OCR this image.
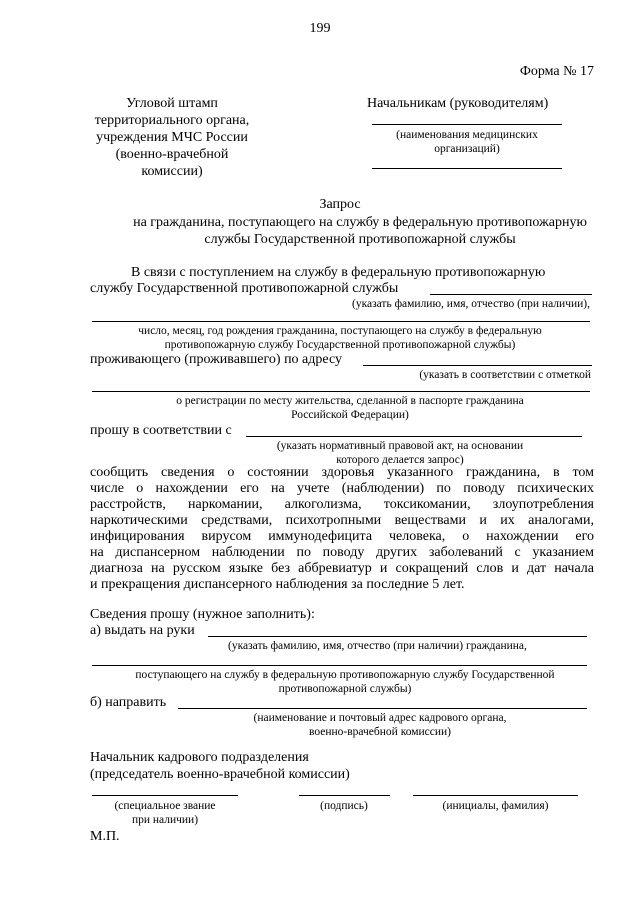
199
Форма № 17
Угловой штамп
территориального органа,
учреждения МЧС России
(военно-врачебной
комиссии)
Начальникам (руководителям)
(наименования медицинских
организаций)
Запрос
на гражданина, поступающего на службу в федеральную противопожарную
службы Государственной противопожарной службы
В связи с поступлением на службу в федеральную противопожарную
службу Государственной противопожарной службы
(указать фамилию, имя, отчество (при наличии),
число, месяц, год рождения гражданина, поступающего на службу в федеральную
противопожарную службу Государственной противопожарной службы)
проживающего (проживавшего) по адресу
(указать в соответствии с отметкой
о регистрации по месту жительства, сделанной в паспорте гражданина
Российской Федерации)
прошу в соответствии с
(указать нормативный правовой акт, на основании
которого делается запрос)
сообщить сведения о состоянии здоровья указанного гражданина, в том
числе о нахождении его на учете (наблюдении) по поводу психических
расстройств, наркомании, алкоголизма, токсикомании, злоупотребления
наркотическими средствами, психотропными веществами и их аналогами,
инфицирования вирусом иммунодефицита человека, о нахождении его
на диспансерном наблюдении по поводу других заболеваний с указанием
диагноза на русском языке без аббревиатур и сокращений слов и дат начала
и прекращения диспансерного наблюдения за последние 5 лет.
Сведения прошу (нужное заполнить):
а) выдать на руки
(указать фамилию, имя, отчество (при наличии) гражданина,
поступающего на службу в федеральную противопожарную службу Государственной
противопожарной службы)
б) направить
(наименование и почтовый адрес кадрового органа,
военно-врачебной комиссии)
Начальник кадрового подразделения
(председатель военно-врачебной комиссии)
(специальное звание
при наличии)
(подпись)	(инициалы, фамилия)
М.П.
